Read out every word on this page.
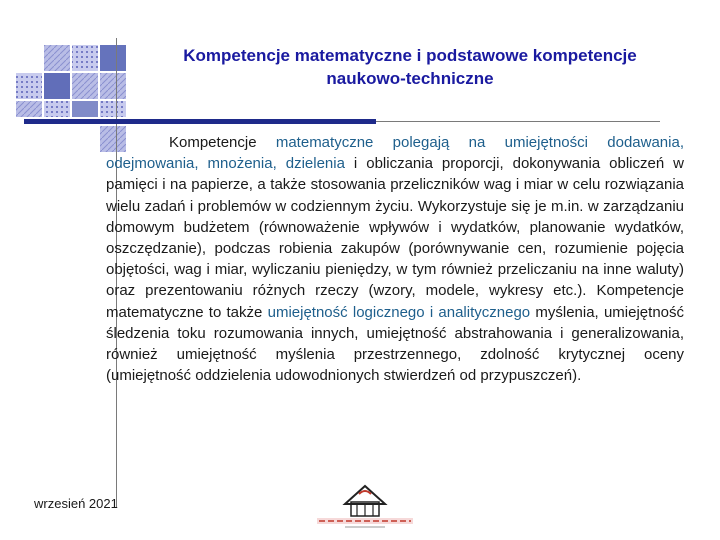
Kompetencje matematyczne i podstawowe kompetencje
naukowo-techniczne

Kompetencje matematyczne polegają na umiejętności dodawania, odejmowania, mnożenia, dzielenia i obliczania proporcji, dokonywania obliczeń w pamięci i na papierze, a także stosowania przeliczników wag i miar w celu rozwiązania wielu zadań i problemów w codziennym życiu. Wykorzystuje się je m.in. w zarządzaniu domowym budżetem (równoważenie wpływów i wydatków, planowanie wydatków, oszczędzanie), podczas robienia zakupów (porównywanie cen, rozumienie pojęcia objętości, wag i miar, wyliczaniu pieniędzy, w tym również przeliczaniu na inne waluty) oraz prezentowaniu różnych rzeczy (wzory, modele, wykresy etc.). Kompetencje matematyczne to także umiejętność logicznego i analitycznego myślenia, umiejętność śledzenia toku rozumowania innych, umiejętność abstrahowania i generalizowania, również umiejętność myślenia przestrzennego, zdolność krytycznej oceny (umiejętność oddzielenia udowodnionych stwierdzeń od przypuszczeń).

wrzesień 2021
